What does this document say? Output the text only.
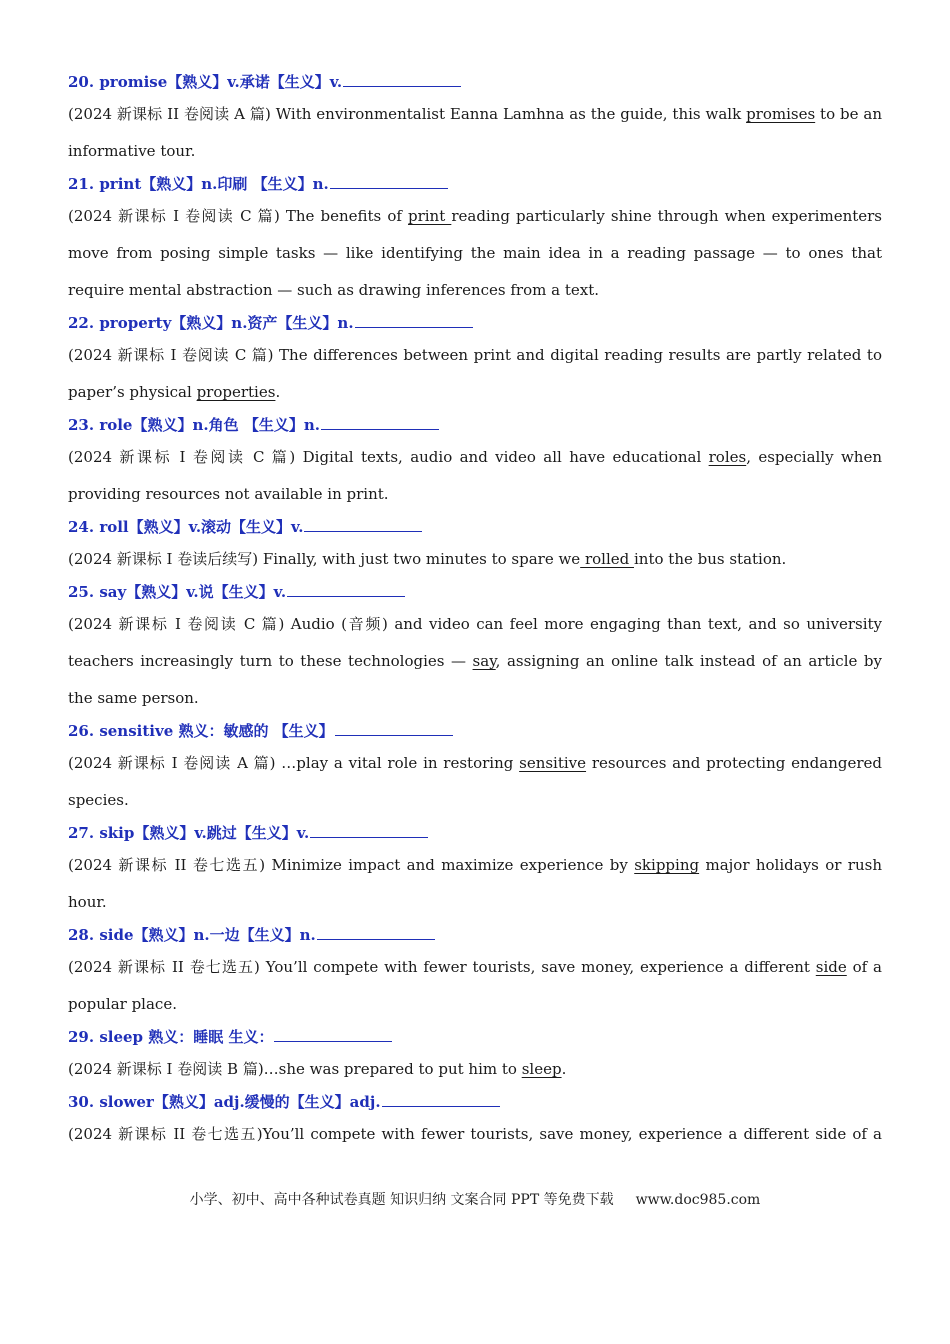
20. promise【熟义】v.承诺【生义】v.

(2024 新课标 II 卷阅读 A 篇) With environmentalist Eanna Lamhna as the guide, this walk promises to be an informative tour.

21. print【熟义】n.印刷 【生义】n.

(2024 新课标 I 卷阅读 C 篇) The benefits of print reading particularly shine through when experimenters move from posing simple tasks — like identifying the main idea in a reading passage — to ones that require mental abstraction — such as drawing inferences from a text.

22. property【熟义】n.资产【生义】n.

(2024 新课标 I 卷阅读 C 篇) The differences between print and digital reading results are partly related to paper’s physical properties.

23. role【熟义】n.角色 【生义】n.

(2024 新课标 I 卷阅读 C 篇) Digital texts, audio and video all have educational roles, especially when providing resources not available in print.

24. roll【熟义】v.滚动【生义】v.

(2024 新课标 I 卷读后续写) Finally, with just two minutes to spare we rolled into the bus station.

25. say【熟义】v.说【生义】v.

(2024 新课标 I 卷阅读 C 篇) Audio (音频) and video can feel more engaging than text, and so university teachers increasingly turn to these technologies — say, assigning an online talk instead of an article by the same person.

26. sensitive 熟义：敏感的 【生义】

(2024 新课标 I 卷阅读 A 篇) …play a vital role in restoring sensitive resources and protecting endangered species.

27. skip【熟义】v.跳过【生义】v.

(2024 新课标 II 卷七选五) Minimize impact and maximize experience by skipping major holidays or rush hour.

28. side【熟义】n.一边【生义】n.

(2024 新课标 II 卷七选五) You’ll compete with fewer tourists, save money, experience a different side of a popular place.

29. sleep 熟义：睡眠 生义：

(2024 新课标 I 卷阅读 B 篇)…she was prepared to put him to sleep.

30. slower【熟义】adj.缓慢的【生义】adj.

(2024 新课标 II 卷七选五)You’ll compete with fewer tourists, save money, experience a different side of a

小学、初中、高中各种试卷真题 知识归纳 文案合同 PPT 等免费下载 www.doc985.com
